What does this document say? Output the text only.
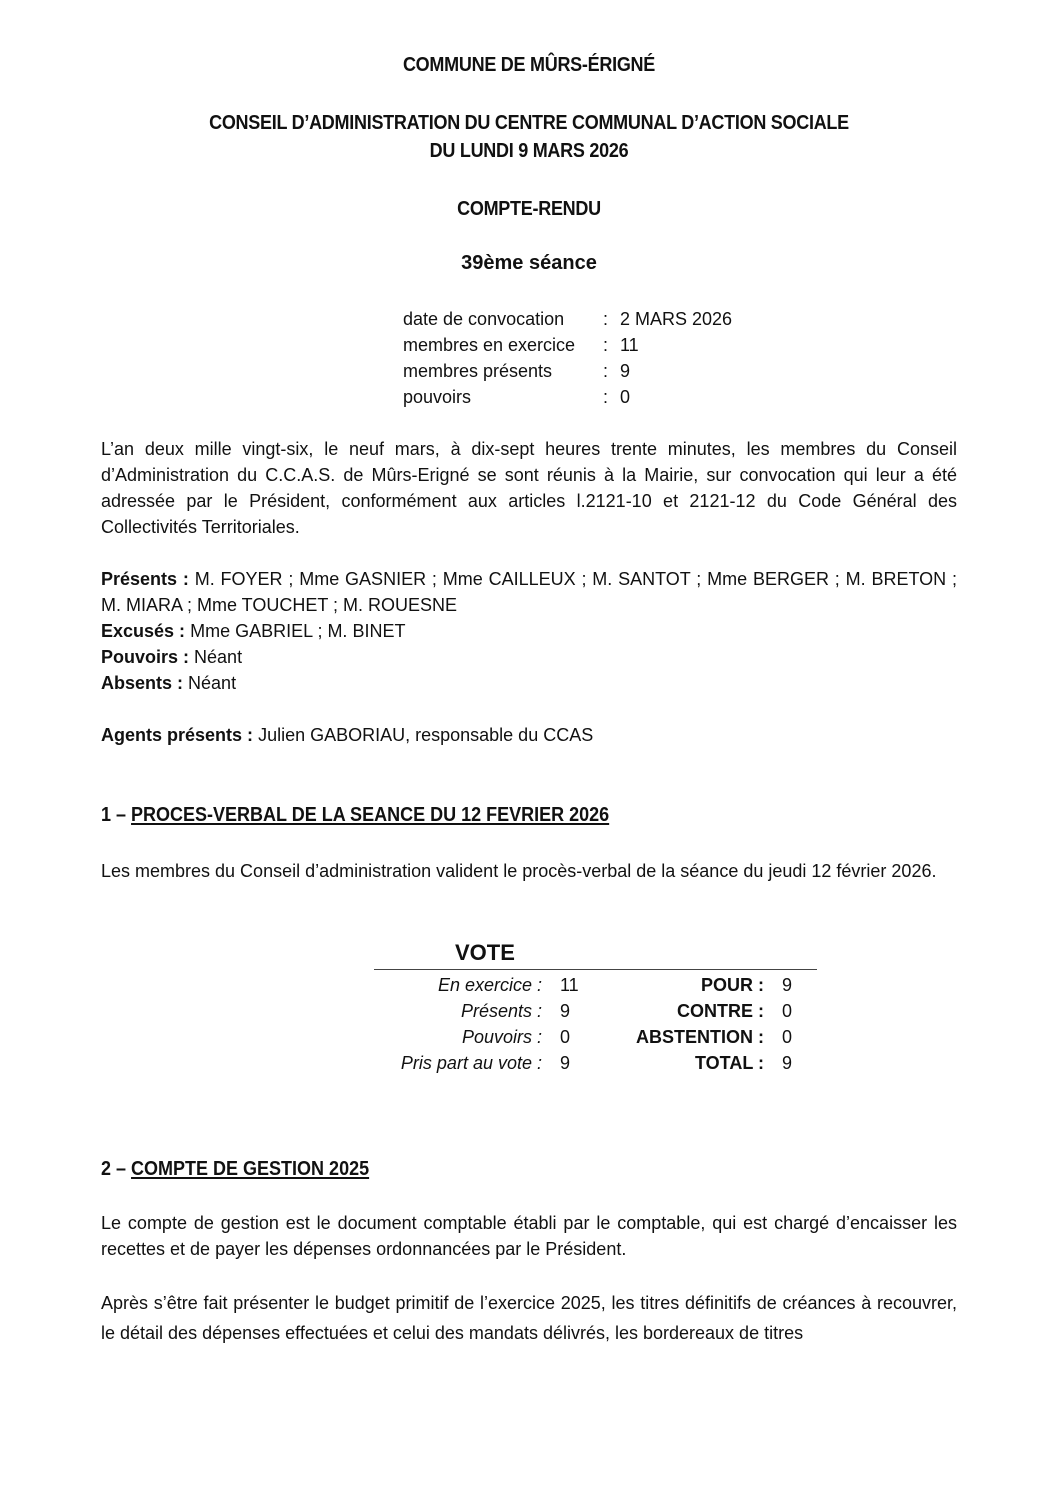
COMMUNE DE MÛRS-ÉRIGNÉ
CONSEIL D’ADMINISTRATION DU CENTRE COMMUNAL D’ACTION SOCIALE
DU LUNDI 9 MARS 2026
COMPTE-RENDU
39ème séance
date de convocation	: 2 MARS 2026
membres en exercice	: 11
membres présents	: 9
pouvoirs	: 0
L’an deux mille vingt-six, le neuf mars, à dix-sept heures trente minutes, les membres du Conseil d’Administration du C.C.A.S. de Mûrs-Erigné se sont réunis à la Mairie, sur convocation qui leur a été adressée par le Président, conformément aux articles l.2121-10 et 2121-12 du Code Général des Collectivités Territoriales.
Présents : M. FOYER ; Mme GASNIER ; Mme CAILLEUX ; M. SANTOT ; Mme BERGER ; M. BRETON ; M. MIARA ; Mme TOUCHET ; M. ROUESNE
Excusés : Mme GABRIEL ; M. BINET
Pouvoirs : Néant
Absents : Néant
Agents présents : Julien GABORIAU, responsable du CCAS
1 – PROCES-VERBAL DE LA SEANCE DU 12 FEVRIER 2026
Les membres du Conseil d’administration valident le procès-verbal de la séance du jeudi 12 février 2026.
VOTE
En exercice :	11	POUR :	9
Présents :	9	CONTRE :	0
Pouvoirs :	0	ABSTENTION :	0
Pris part au vote :	9	TOTAL :	9
2 – COMPTE DE GESTION 2025
Le compte de gestion est le document comptable établi par le comptable, qui est chargé d’encaisser les recettes et de payer les dépenses ordonnancées par le Président.
Après s’être fait présenter le budget primitif de l’exercice 2025, les titres définitifs de créances à recouvrer, le détail des dépenses effectuées et celui des mandats délivrés, les bordereaux de titres
